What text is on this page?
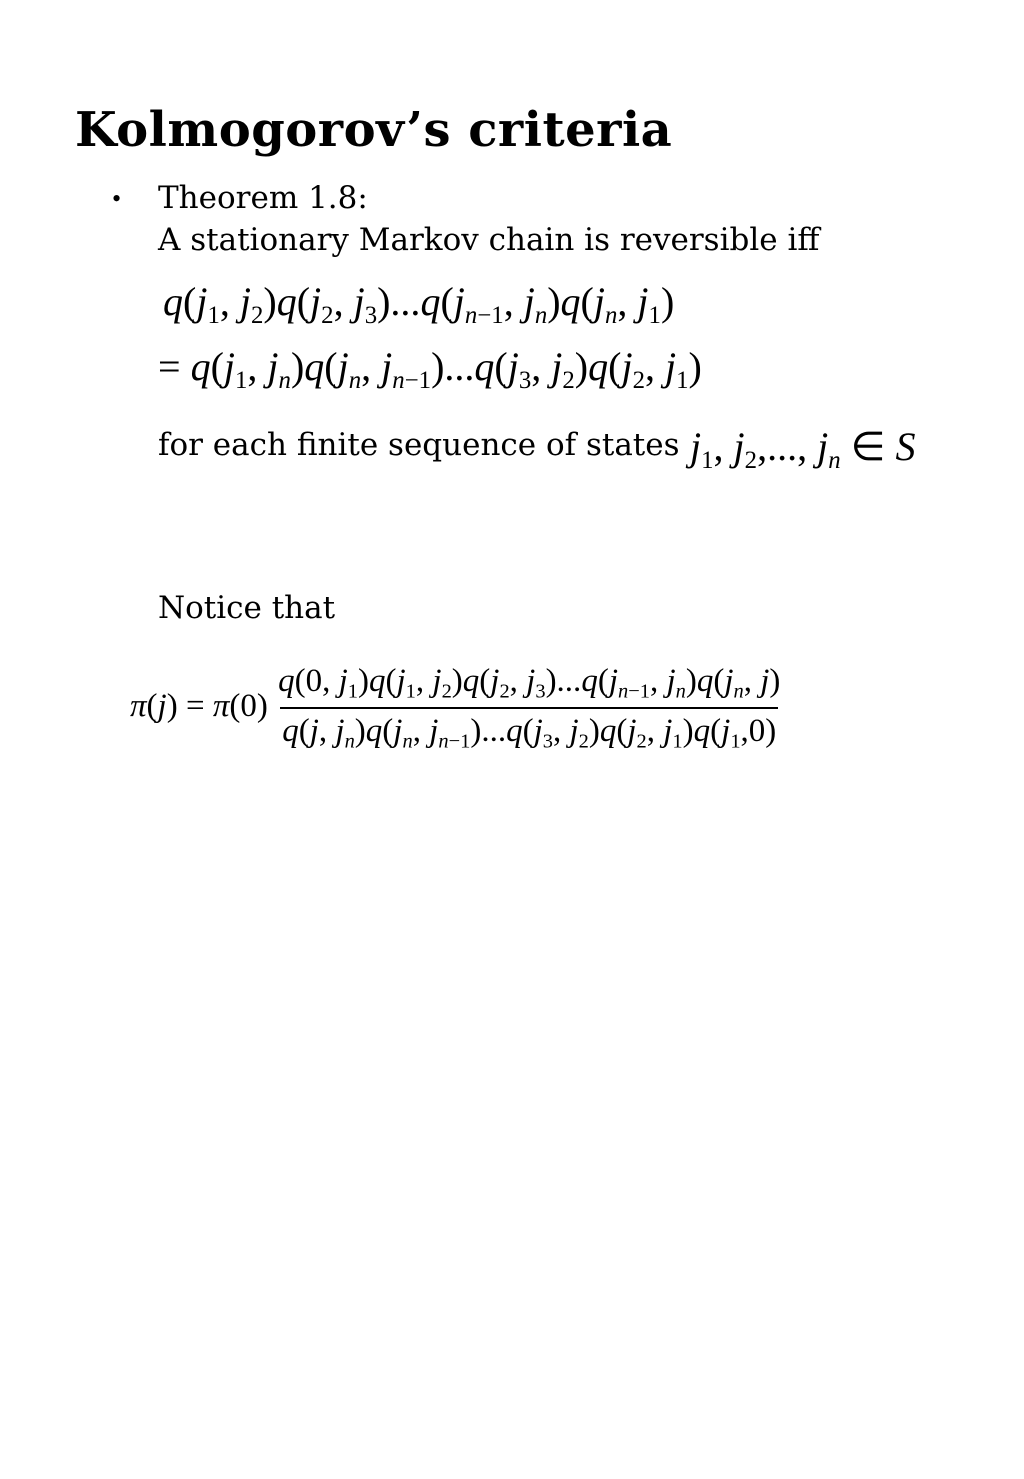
Kolmogorov’s criteria
• Theorem 1.8:
A stationary Markov chain is reversible iff
$q(j_1$, $j_2)q(j_2$, $j_3)...q(j_{n-1}$, $j_n)q(j_n$, $j_1$)
= $q(j_1$, $j_n)q(j_n$, $j_{n-1})...q(j_3$, $j_2)q(j_2$, $j_1$)
for each finite sequence of states $j_1$, $j_2$,..., $j_n$ ∈ S
Notice that
$\pi(j) = \pi(0) \frac{q(0, j_1)q(j_1, j_2)q(j_2, j_3)...q(j_{n-1}, j_n)q(j_n, j)}{q(j, j_n)q(j_n, j_{n-1})...q(j_3, j_2)q(j_2, j_1)q(j_1,0)}$
